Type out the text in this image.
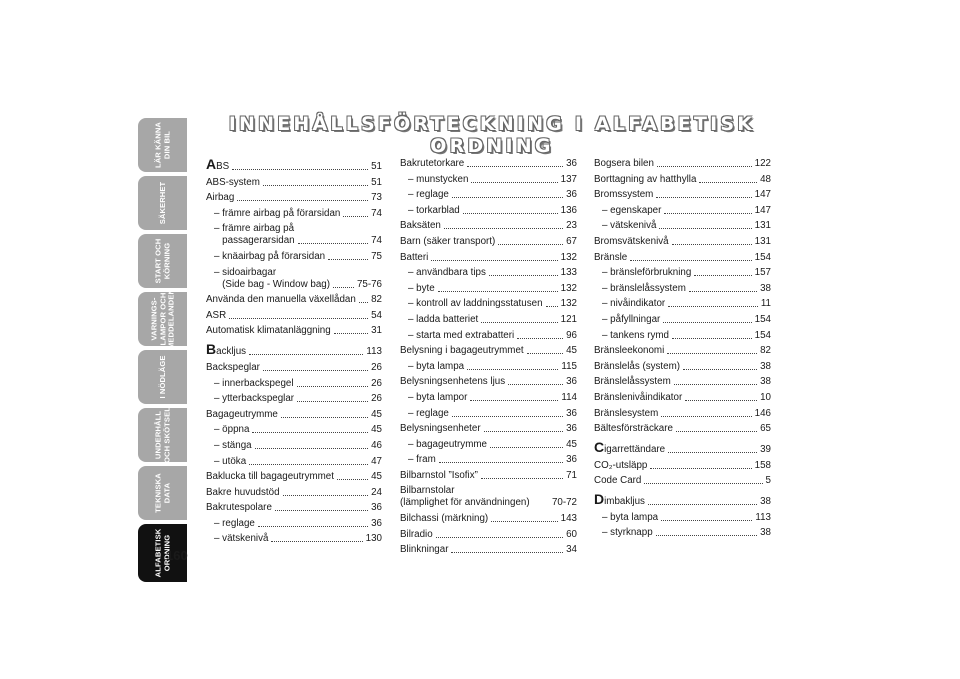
LÄR KÄNNA
DIN BIL
SÄKERHET
START OCH
KÖRNING
VARNINGS-
LAMPOR OCH
MEDDELANDEN
I NÖDLÄGE
UNDERHÅLL
OCH SKÖTSEL
TEKNISKA
DATA
ALFABETISK
ORDNING
160
INNEHÅLLSFÖRTECKNING I ALFABETISK ORDNING
ABS	51
ABS-system	51
Airbag	73
– främre airbag på förarsidan	74
– främre airbag på
passagerarsidan	74
– knäairbag på förarsidan	75
– sidoairbagar
(Side bag - Window bag)	75-76
Använda den manuella växellådan 82
ASR	54
Automatisk klimatanläggning	31
Backljus	113
Backspeglar	26
– innerbackspegel	26
– ytterbackspeglar	26
Bagageutrymme	45
– öppna	45
– stänga	46
– utöka	47
Baklucka till bagageutrymmet	45
Bakre huvudstöd	24
Bakrutespolare	36
– reglage	36
– vätskenivå	130
Bakrutetorkare	36
– munstycken	137
– reglage	36
– torkarblad	136
Baksäten	23
Barn (säker transport)	67
Batteri	132
– användbara tips	133
– byte	132
– kontroll av laddningsstatusen 132
– ladda batteriet	121
– starta med extrabatteri	96
Belysning i bagageutrymmet	45
– byta lampa	115
Belysningsenhetens ljus	36
– byta lampor	114
– reglage	36
Belysningsenheter	36
– bagageutrymme	45
– fram	36
Bilbarnstol ”Isofix”	71
Bilbarnstolar
(lämplighet för användningen) 70-72
Bilchassi (märkning)	143
Bilradio	60
Blinkningar	34
Bogsera bilen	122
Borttagning av hatthylla	48
Bromssystem	147
– egenskaper	147
– vätskenivå	131
Bromsvätskenivå	131
Bränsle	154
– bränsleförbrukning	157
– bränslelåssystem	38
– nivåindikator	11
– påfyllningar	154
– tankens rymd	154
Bränsleekonomi	82
Bränslelås (system)	38
Bränslelåssystem	38
Bränslenivåindikator	10
Bränslesystem	146
Bältesförsträckare	65
Cigarrettändare	39
CO₂-utsläpp	158
Code Card	5
Dimbakljus	38
– byta lampa	113
– styrknapp	38
